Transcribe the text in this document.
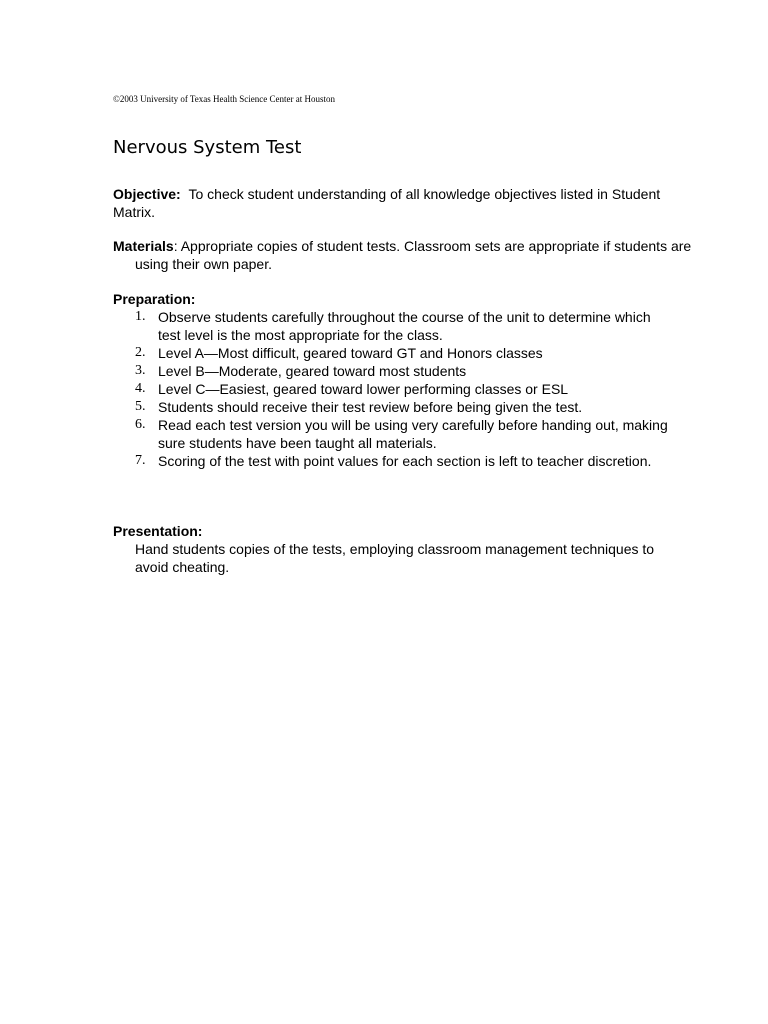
©2003 University of Texas Health Science Center at Houston
Nervous System Test
Objective: To check student understanding of all knowledge objectives listed in Student Matrix.
Materials: Appropriate copies of student tests. Classroom sets are appropriate if students are using their own paper.
Preparation:
1. Observe students carefully throughout the course of the unit to determine which test level is the most appropriate for the class.
2. Level A—Most difficult, geared toward GT and Honors classes
3. Level B—Moderate, geared toward most students
4. Level C—Easiest, geared toward lower performing classes or ESL
5. Students should receive their test review before being given the test.
6. Read each test version you will be using very carefully before handing out, making sure students have been taught all materials.
7. Scoring of the test with point values for each section is left to teacher discretion.
Presentation:
Hand students copies of the tests, employing classroom management techniques to avoid cheating.
